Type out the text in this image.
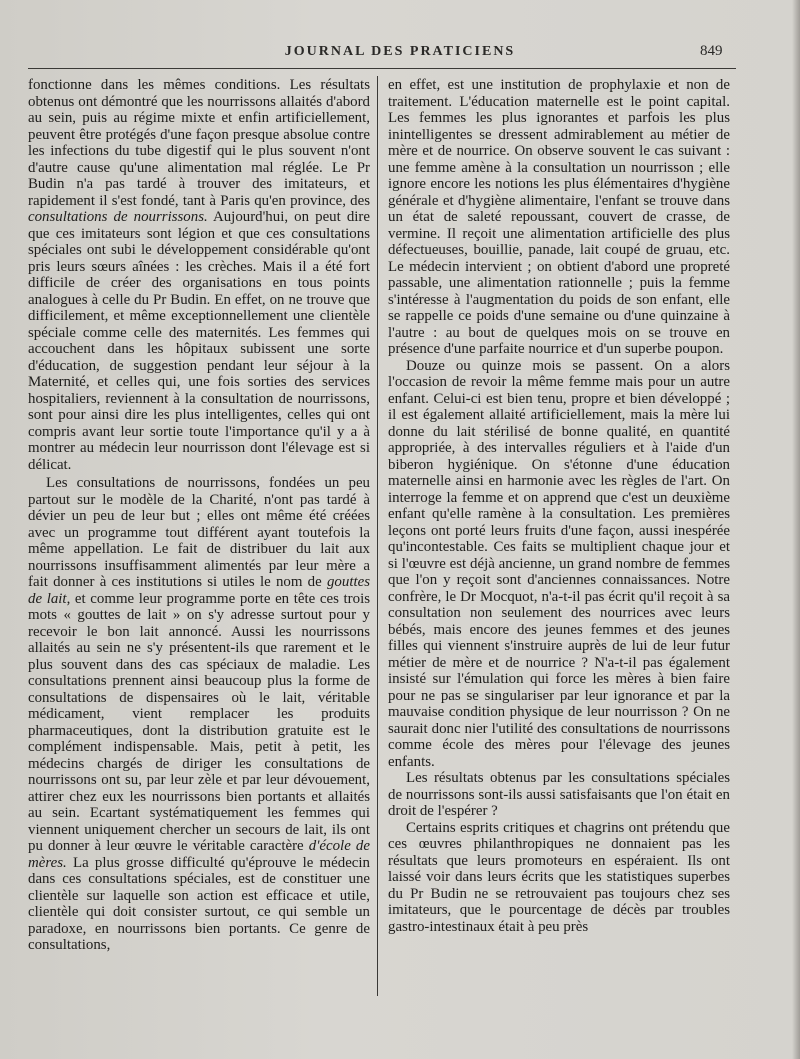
JOURNAL DES PRATICIENS	849

fonctionne dans les mêmes conditions. Les résultats obtenus ont démontré que les nourrissons allaités d'abord au sein, puis au régime mixte et enfin artificiellement, peuvent être protégés d'une façon presque absolue contre les infections du tube digestif qui le plus souvent n'ont d'autre cause qu'une alimentation mal réglée. Le Pr Budin n'a pas tardé à trouver des imitateurs, et rapidement il s'est fondé, tant à Paris qu'en province, des consultations de nourrissons. Aujourd'hui, on peut dire que ces imitateurs sont légion et que ces consultations spéciales ont subi le développement considérable qu'ont pris leurs sœurs aînées : les crèches. Mais il a été fort difficile de créer des organisations en tous points analogues à celle du Pr Budin. En effet, on ne trouve que difficilement, et même exceptionnellement une clientèle spéciale comme celle des maternités. Les femmes qui accouchent dans les hôpitaux subissent une sorte d'éducation, de suggestion pendant leur séjour à la Maternité, et celles qui, une fois sorties des services hospitaliers, reviennent à la consultation de nourrissons, sont pour ainsi dire les plus intelligentes, celles qui ont compris avant leur sortie toute l'importance qu'il y a à montrer au médecin leur nourrisson dont l'élevage est si délicat.

Les consultations de nourrissons, fondées un peu partout sur le modèle de la Charité, n'ont pas tardé à dévier un peu de leur but ; elles ont même été créées avec un programme tout différent ayant toutefois la même appellation. Le fait de distribuer du lait aux nourrissons insuffisamment alimentés par leur mère a fait donner à ces institutions si utiles le nom de gouttes de lait, et comme leur programme porte en tête ces trois mots « gouttes de lait » on s'y adresse surtout pour y recevoir le bon lait annoncé. Aussi les nourrissons allaités au sein ne s'y présentent-ils que rarement et le plus souvent dans des cas spéciaux de maladie. Les consultations prennent ainsi beaucoup plus la forme de consultations de dispensaires où le lait, véritable médicament, vient remplacer les produits pharmaceutiques, dont la distribution gratuite est le complément indispensable. Mais, petit à petit, les médecins chargés de diriger les consultations de nourrissons ont su, par leur zèle et par leur dévouement, attirer chez eux les nourrissons bien portants et allaités au sein. Ecartant systématiquement les femmes qui viennent uniquement chercher un secours de lait, ils ont pu donner à leur œuvre le véritable caractère d'école de mères. La plus grosse difficulté qu'éprouve le médecin dans ces consultations spéciales, est de constituer une clientèle sur laquelle son action est efficace et utile, clientèle qui doit consister surtout, ce qui semble un paradoxe, en nourrissons bien portants. Ce genre de consultations,

en effet, est une institution de prophylaxie et non de traitement. L'éducation maternelle est le point capital. Les femmes les plus ignorantes et parfois les plus inintelligentes se dressent admirablement au métier de mère et de nourrice. On observe souvent le cas suivant : une femme amène à la consultation un nourrisson ; elle ignore encore les notions les plus élémentaires d'hygiène générale et d'hygiène alimentaire, l'enfant se trouve dans un état de saleté repoussant, couvert de crasse, de vermine. Il reçoit une alimentation artificielle des plus défectueuses, bouillie, panade, lait coupé de gruau, etc. Le médecin intervient ; on obtient d'abord une propreté passable, une alimentation rationnelle ; puis la femme s'intéresse à l'augmentation du poids de son enfant, elle se rappelle ce poids d'une semaine ou d'une quinzaine à l'autre : au bout de quelques mois on se trouve en présence d'une parfaite nourrice et d'un superbe poupon.

Douze ou quinze mois se passent. On a alors l'occasion de revoir la même femme mais pour un autre enfant. Celui-ci est bien tenu, propre et bien développé ; il est également allaité artificiellement, mais la mère lui donne du lait stérilisé de bonne qualité, en quantité appropriée, à des intervalles réguliers et à l'aide d'un biberon hygiénique. On s'étonne d'une éducation maternelle ainsi en harmonie avec les règles de l'art. On interroge la femme et on apprend que c'est un deuxième enfant qu'elle ramène à la consultation. Les premières leçons ont porté leurs fruits d'une façon, aussi inespérée qu'incontestable. Ces faits se multiplient chaque jour et si l'œuvre est déjà ancienne, un grand nombre de femmes que l'on y reçoit sont d'anciennes connaissances. Notre confrère, le Dr Mocquot, n'a-t-il pas écrit qu'il reçoit à sa consultation non seulement des nourrices avec leurs bébés, mais encore des jeunes femmes et des jeunes filles qui viennent s'instruire auprès de lui de leur futur métier de mère et de nourrice ? N'a-t-il pas également insisté sur l'émulation qui force les mères à bien faire pour ne pas se singulariser par leur ignorance et par la mauvaise condition physique de leur nourrisson ? On ne saurait donc nier l'utilité des consultations de nourrissons comme école des mères pour l'élevage des jeunes enfants.

Les résultats obtenus par les consultations spéciales de nourrissons sont-ils aussi satisfaisants que l'on était en droit de l'espérer ?

Certains esprits critiques et chagrins ont prétendu que ces œuvres philanthropiques ne donnaient pas les résultats que leurs promoteurs en espéraient. Ils ont laissé voir dans leurs écrits que les statistiques superbes du Pr Budin ne se retrouvaient pas toujours chez ses imitateurs, que le pourcentage de décès par troubles gastro-intestinaux était à peu près
